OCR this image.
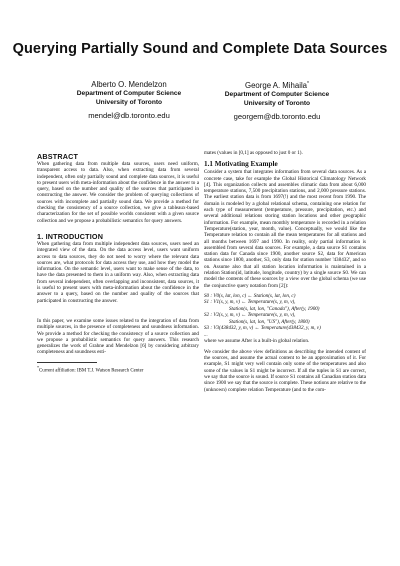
Querying Partially Sound and Complete Data Sources
Alberto O. Mendelzon
Department of Computer Science
University of Toronto
mendel@db.toronto.edu
George A. Mihaila*
Department of Computer Science
University of Toronto
georgem@db.toronto.edu
ABSTRACT

When gathering data from multiple data sources, users need uniform, transparent access to data. Also, when extracting data from several independent, often only partially sound and complete data sources, it is useful to present users with meta-information about the confidence in the answer to a query, based on the number and quality of the sources that participated in constructing the answer. We consider the problem of querying collections of sources with incomplete and partially sound data. We provide a method for checking the consistency of a source collection, we give a tableaux-based characterization for the set of possible worlds consistent with a given source collection and we propose a probabilistic semantics for query answers.

1. INTRODUCTION

When gathering data from multiple independent data sources, users need an integrated view of the data. On the data access level, users want uniform access to data sources, they do not need to worry where the relevant data sources are, what protocols for data access they use, and how they model the information. On the semantic level, users want to make sense of the data, to have the data presented to them in a uniform way. Also, when extracting data from several independent, often overlapping and inconsistent, data sources, it is useful to present users with meta-information about the confidence in the answer to a query, based on the number and quality of the sources that participated in constructing the answer.

In this paper, we examine some issues related to the integration of data from multiple sources, in the presence of completeness and soundness information. We provide a method for checking the consistency of a source collection and we propose a probabilistic semantics for query answers. This research generalizes the work of Grahne and Mendelzon [6] by considering arbitrary completeness and soundness esti-

*Current affiliation: IBM T.J. Watson Research Center

mates (values in [0,1] as opposed to just 0 or 1).

1.1 Motivating Example

Consider a system that integrates information from several data sources. As a concrete case, take for example the Global Historical Climatology Network [4]. This organization collects and assembles climatic data from about 6,000 temperature stations, 7,500 precipitation stations, and 2,000 pressure stations. The earliest station data is from 1697(!) and the most recent from 1990. The domain is modeled by a global relational schema, containing one relation for each type of measurement (temperature, pressure, precipitation, etc.) and several additional relations storing station locations and other geographic information. For example, mean monthly temperature is recorded in a relation Temperature(station, year, month, value). Conceptually, we would like the Temperature relation to contain all the mean temperatures for all stations and all months between 1697 and 1990. In reality, only partial information is assembled from several data sources. For example, a data source S1 contains station data for Canada since 1900, another source S2, data for American stations since 1800, another, S3, only data for station number '438432', and so on. Assume also that all station location information is maintained in a relation Station(id, latitude, longitude, country) by a single source S0. We can model the contents of these sources by a view over the global schema (we use the conjunctive query notation from [2]):

S0 : V0(s, lat, lon, c) ← Station(s, lat, lon, c)
S1 : V1(s, y, m, v) ← Temperature(s, y, m, v),
Station(s, lat, lon, "Canada"), After(y, 1900)
S2 : V2(s, y, m, v) ← Temperature(s, y, m, v),
Station(s, lat, lon, "US"), After(y, 1800)
S3 : V3(438432, y, m, v) ← Temperature(438432, y, m, v)
...

where we assume After is a built-in global relation.

We consider the above view definitions as describing the intended content of the sources, and assume the actual content to be an approximation of it. For example, S1 might very well contain only some of the temperatures and also some of the values in S1 might be incorrect. If all the tuples in S1 are correct, we say that the source is sound. If source S1 contains all Canadian station data since 1900 we say that the source is complete. These notions are relative to the (unknown) complete relation Temperature (and to the com-
